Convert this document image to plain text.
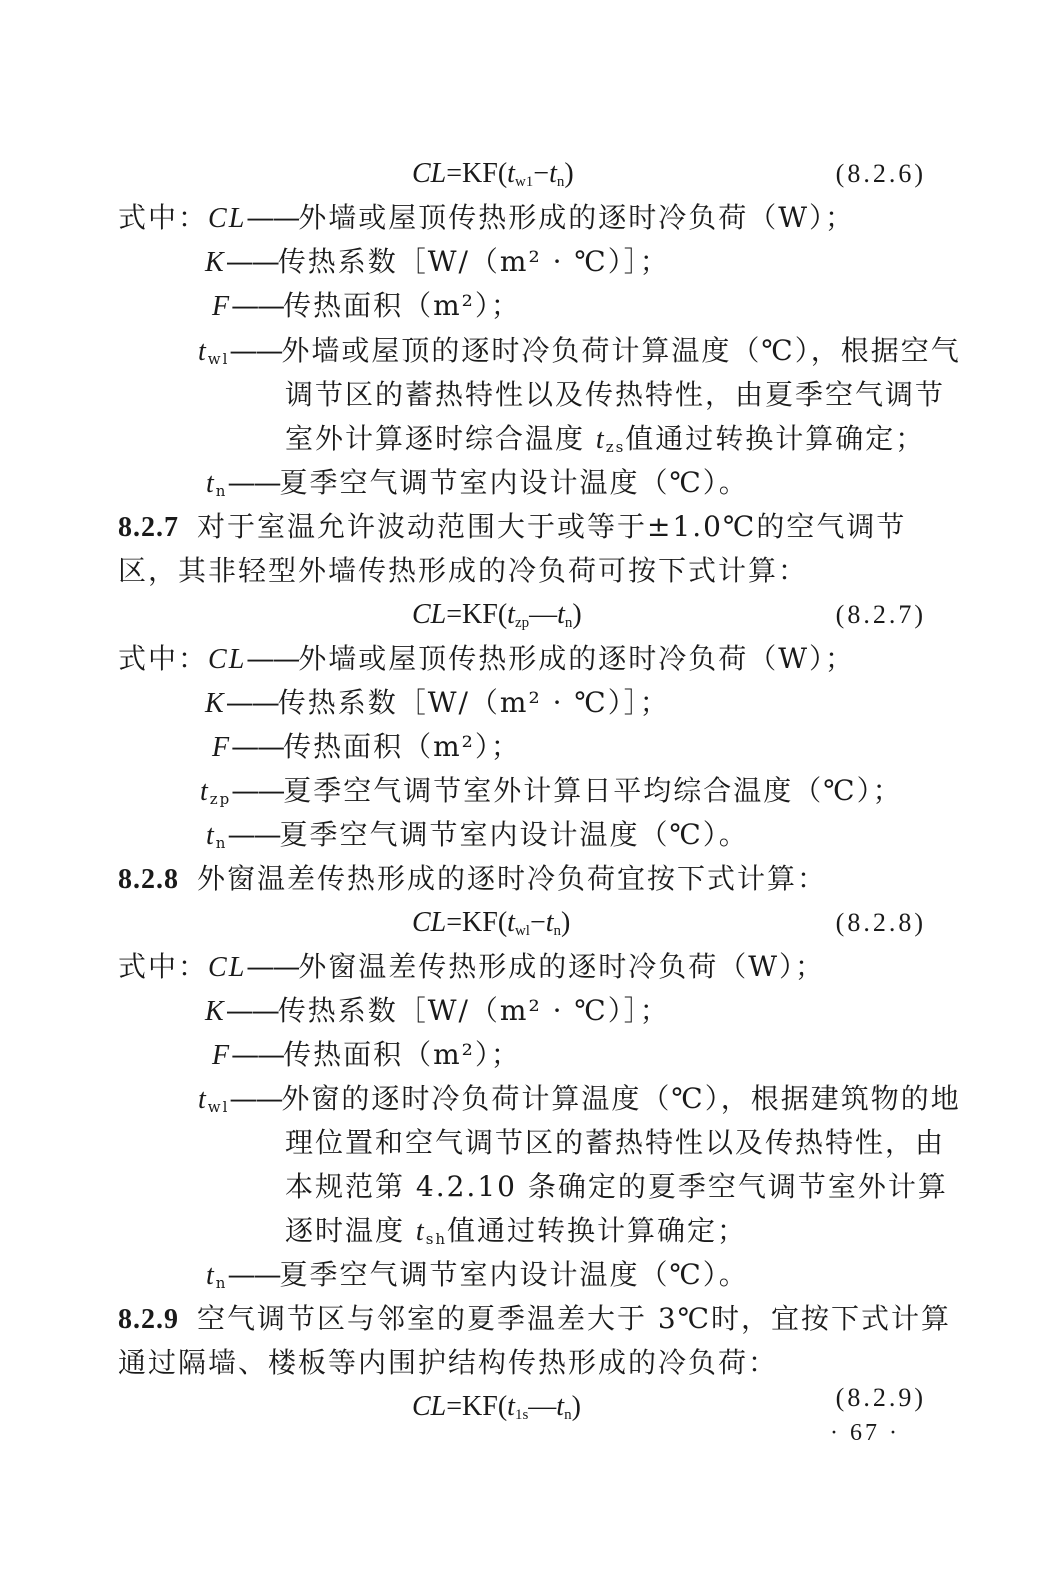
$CL=KF(t_{w1}-t_n)$	(8.2.6)
式中：CL——外墙或屋顶传热形成的逐时冷负荷（W）；
K——传热系数［W/（m² · ℃）］；
F——传热面积（m²）；
$t_{wl}——$外墙或屋顶的逐时冷负荷计算温度（℃），根据空气
调节区的蓄热特性以及传热特性，由夏季空气调节
室外计算逐时综合温度 $t_{zs}$值通过转换计算确定；
$t_n——$夏季空气调节室内设计温度（℃）。
8.2.7 对于室温允许波动范围大于或等于±1.0℃的空气调节
区，其非轻型外墙传热形成的冷负荷可按下式计算：
$CL=KF(t_{zp}—t_n)$	(8.2.7)
式中：CL——外墙或屋顶传热形成的逐时冷负荷（W）；
K——传热系数［W/（m² · ℃）］；
F——传热面积（m²）；
$t_{zp}——$夏季空气调节室外计算日平均综合温度（℃）；
$t_n——$夏季空气调节室内设计温度（℃）。
8.2.8 外窗温差传热形成的逐时冷负荷宜按下式计算：
$CL=KF(t_{wl}-t_n)$	(8.2.8)
式中：CL——外窗温差传热形成的逐时冷负荷（W）；
K——传热系数［W/（m² · ℃）］；
F——传热面积（m²）；
$t_{wl}——$外窗的逐时冷负荷计算温度（℃），根据建筑物的地
理位置和空气调节区的蓄热特性以及传热特性，由
本规范第 4.2.10 条确定的夏季空气调节室外计算
逐时温度 $t_{sh}$值通过转换计算确定；
$t_n——$夏季空气调节室内设计温度（℃）。
8.2.9 空气调节区与邻室的夏季温差大于 3℃时，宜按下式计算
通过隔墙、楼板等内围护结构传热形成的冷负荷：
$CL=KF(t_{1s}—t_n)$	(8.2.9)
· 67 ·
